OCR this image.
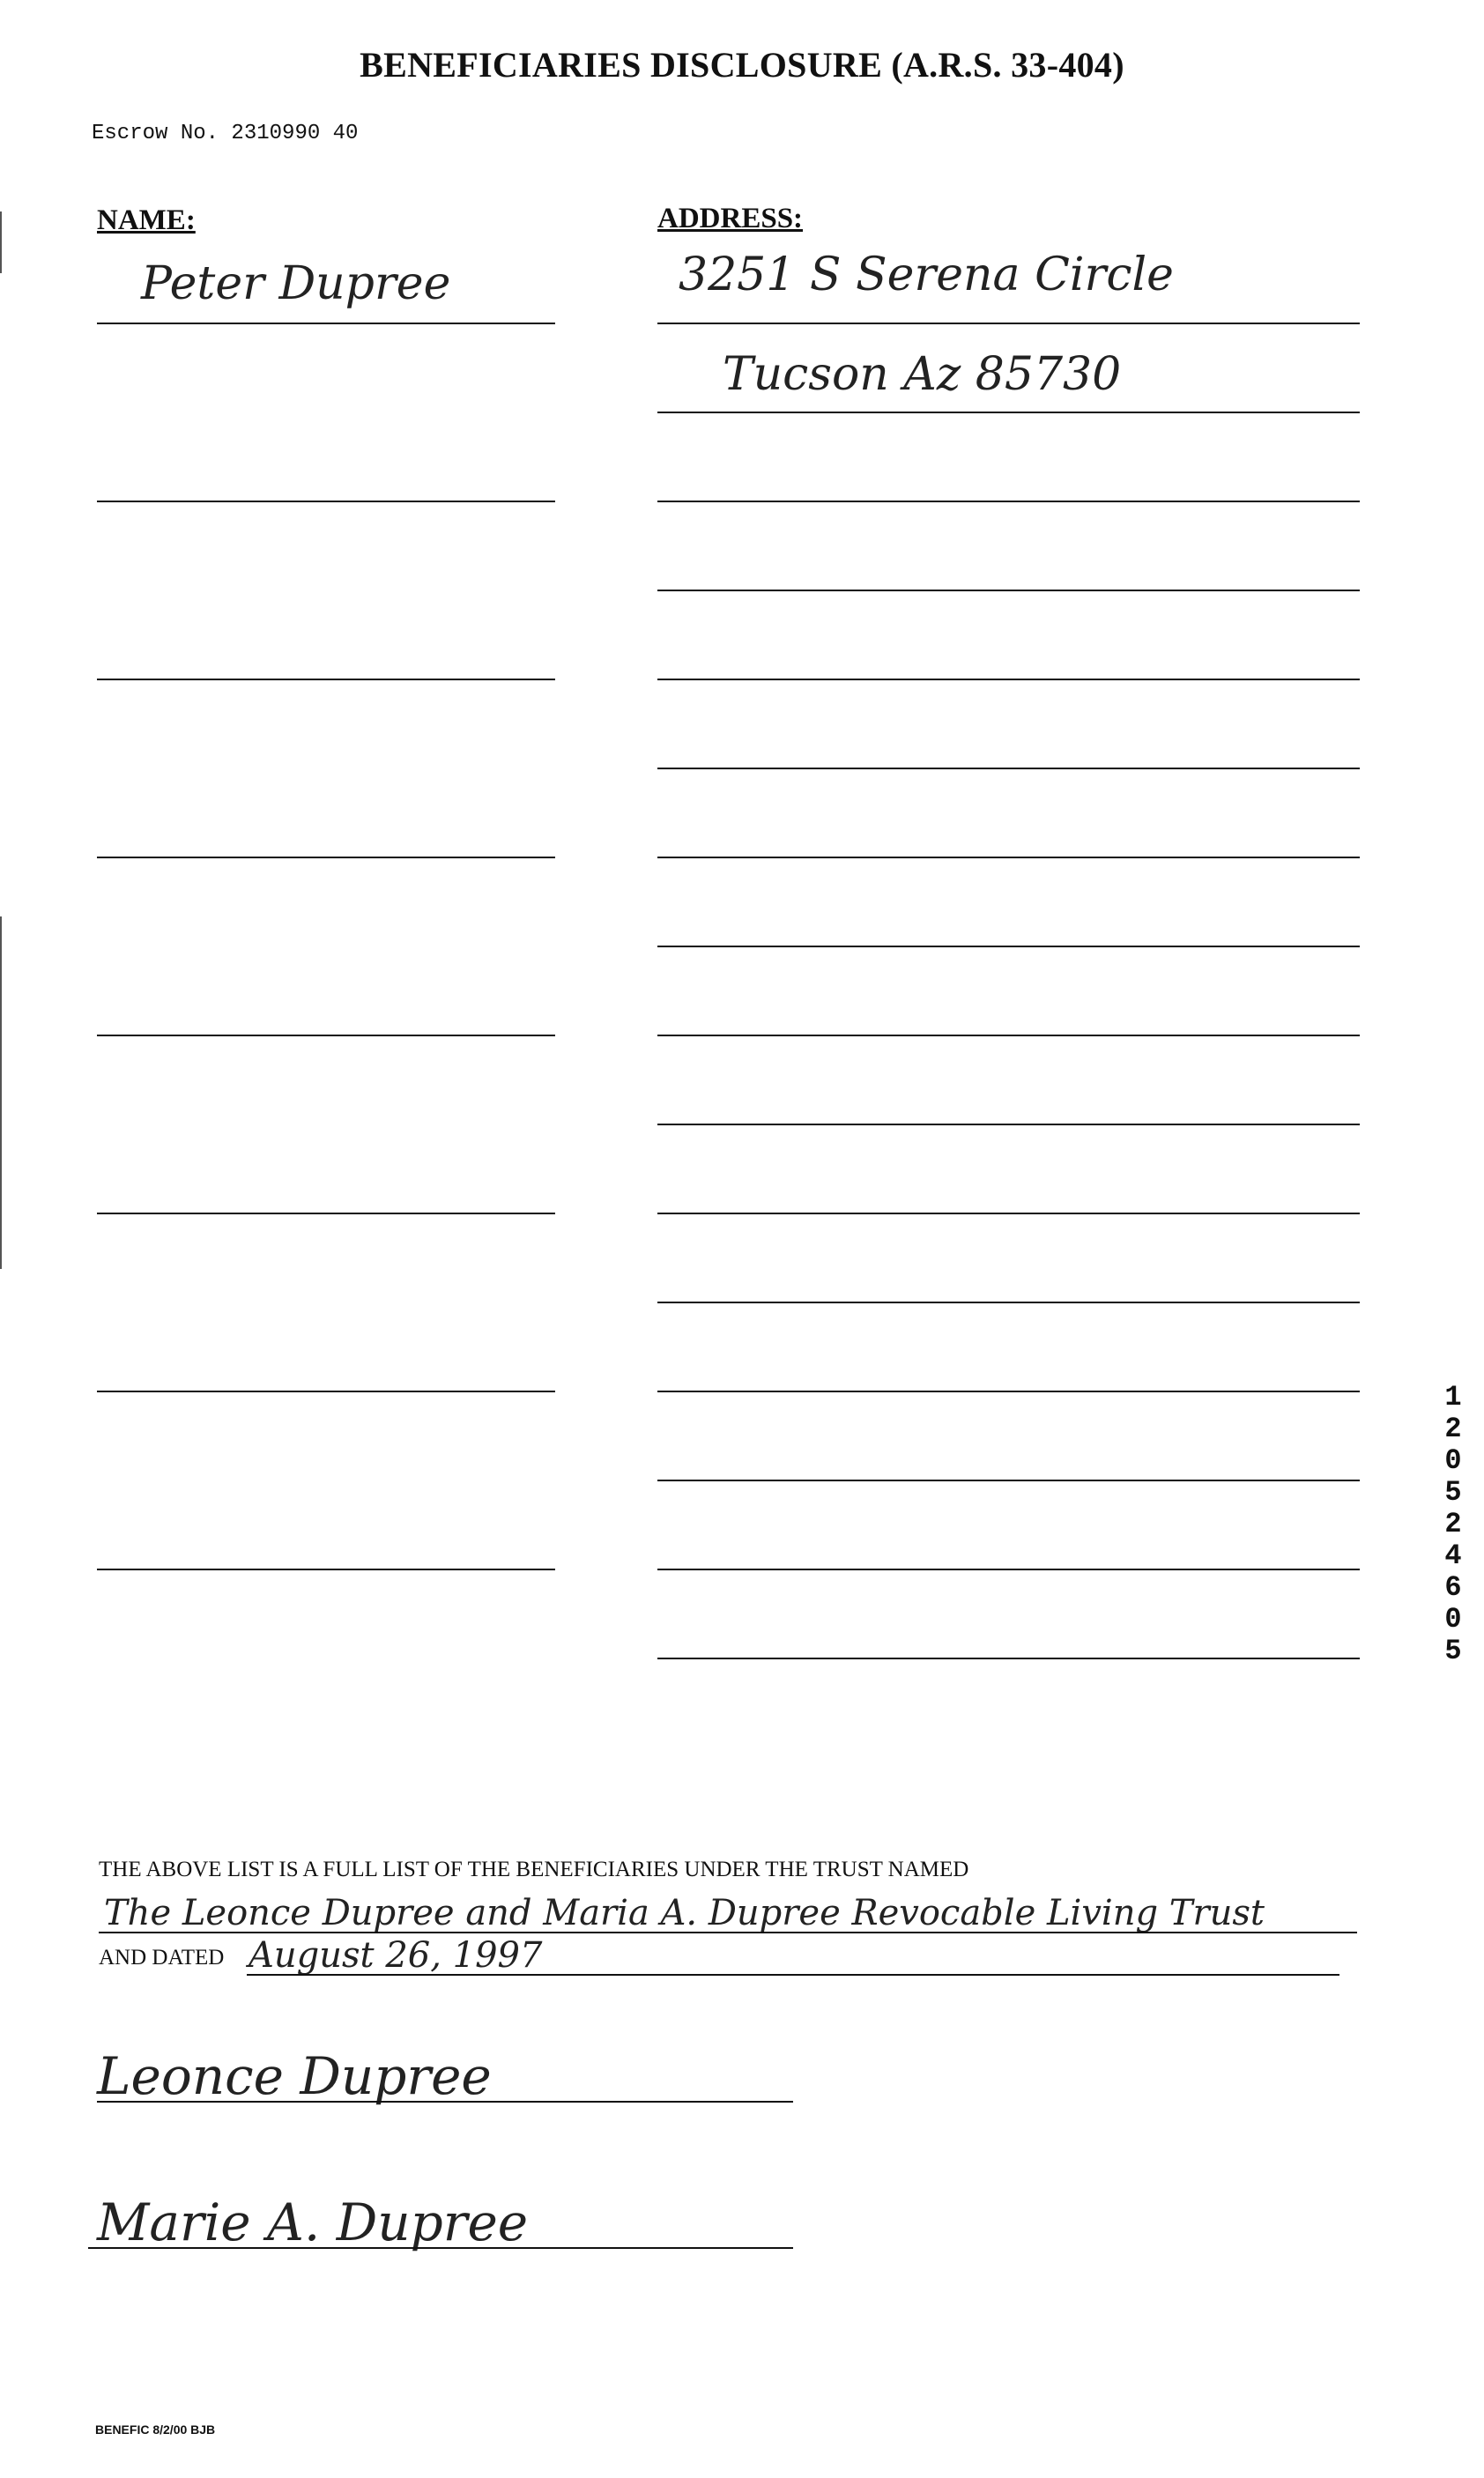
BENEFICIARIES DISCLOSURE (A.R.S. 33-404)
Escrow No. 2310990 40
NAME:	ADDRESS:
Peter Dupree	3251 S Serena Circle
Tucson Az 85730
THE ABOVE LIST IS A FULL LIST OF THE BENEFICIARIES UNDER THE TRUST NAMED
The Leonce Dupree and Maria A. Dupree Revocable Living Trust
AND DATED August 26, 1997
Leonce Dupree
Marie A. Dupree
1
2
0
5
2
4
6
0
5
BENEFIC 8/2/00 BJB
